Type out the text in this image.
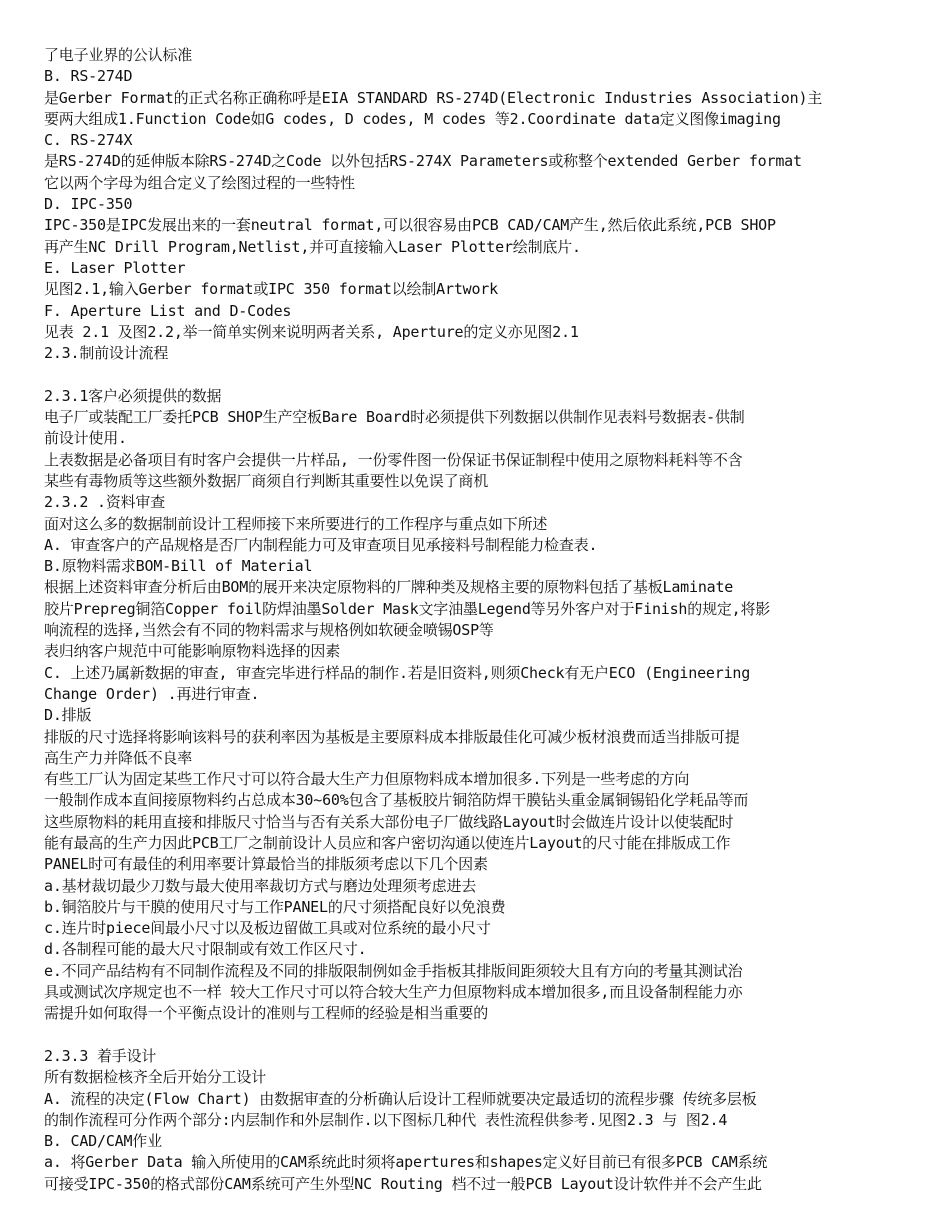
了电子业界的公认标准
B. RS-274D
是Gerber Format的正式名称正确称呼是EIA STANDARD RS-274D(Electronic Industries Association)主
要两大组成1.Function Code如G codes, D codes, M codes 等2.Coordinate data定义图像imaging
C. RS-274X
是RS-274D的延伸版本除RS-274D之Code 以外包括RS-274X Parameters或称整个extended Gerber format
它以两个字母为组合定义了绘图过程的一些特性
D. IPC-350
IPC-350是IPC发展出来的一套neutral format,可以很容易由PCB CAD/CAM产生,然后依此系统,PCB SHOP
再产生NC Drill Program,Netlist,并可直接输入Laser Plotter绘制底片.
E. Laser Plotter
见图2.1,输入Gerber format或IPC 350 format以绘制Artwork
F. Aperture List and D-Codes
见表 2.1 及图2.2,举一简单实例来说明两者关系, Aperture的定义亦见图2.1
2.3.制前设计流程
2.3.1客户必须提供的数据
电子厂或装配工厂委托PCB SHOP生产空板Bare Board时必须提供下列数据以供制作见表料号数据表-供制
前设计使用.
上表数据是必备项目有时客户会提供一片样品, 一份零件图一份保证书保证制程中使用之原物料耗料等不含
某些有毒物质等这些额外数据厂商须自行判断其重要性以免误了商机
2.3.2 .资料审查
面对这么多的数据制前设计工程师接下来所要进行的工作程序与重点如下所述
A. 审查客户的产品规格是否厂内制程能力可及审查项目见承接料号制程能力检查表.
B.原物料需求BOM-Bill of Material
根据上述资料审查分析后由BOM的展开来决定原物料的厂牌种类及规格主要的原物料包括了基板Laminate
胶片Prepreg铜箔Copper foil防焊油墨Solder Mask文字油墨Legend等另外客户对于Finish的规定,将影
响流程的选择,当然会有不同的物料需求与规格例如软硬金喷锡OSP等
表归纳客户规范中可能影响原物料选择的因素
C. 上述乃属新数据的审查, 审查完毕进行样品的制作.若是旧资料,则须Check有无户ECO (Engineering
Change Order) .再进行审查.
D.排版
排版的尺寸选择将影响该料号的获利率因为基板是主要原料成本排版最佳化可减少板材浪费而适当排版可提
高生产力并降低不良率
有些工厂认为固定某些工作尺寸可以符合最大生产力但原物料成本增加很多.下列是一些考虑的方向
一般制作成本直间接原物料约占总成本30~60%包含了基板胶片铜箔防焊干膜钻头重金属铜锡铅化学耗品等而
这些原物料的耗用直接和排版尺寸恰当与否有关系大部份电子厂做线路Layout时会做连片设计以使装配时
能有最高的生产力因此PCB工厂之制前设计人员应和客户密切沟通以使连片Layout的尺寸能在排版成工作
PANEL时可有最佳的利用率要计算最恰当的排版须考虑以下几个因素
a.基材裁切最少刀数与最大使用率裁切方式与磨边处理须考虑进去
b.铜箔胶片与干膜的使用尺寸与工作PANEL的尺寸须搭配良好以免浪费
c.连片时piece间最小尺寸以及板边留做工具或对位系统的最小尺寸
d.各制程可能的最大尺寸限制或有效工作区尺寸.
e.不同产品结构有不同制作流程及不同的排版限制例如金手指板其排版间距须较大且有方向的考量其测试治
具或测试次序规定也不一样 较大工作尺寸可以符合较大生产力但原物料成本增加很多,而且设备制程能力亦
需提升如何取得一个平衡点设计的准则与工程师的经验是相当重要的
2.3.3 着手设计
所有数据检核齐全后开始分工设计
A. 流程的决定(Flow Chart) 由数据审查的分析确认后设计工程师就要决定最适切的流程步骤 传统多层板
的制作流程可分作两个部分:内层制作和外层制作.以下图标几种代 表性流程供参考.见图2.3 与 图2.4
B. CAD/CAM作业
a. 将Gerber Data 输入所使用的CAM系统此时须将apertures和shapes定义好目前已有很多PCB CAM系统
可接受IPC-350的格式部份CAM系统可产生外型NC Routing 档不过一般PCB Layout设计软件并不会产生此
